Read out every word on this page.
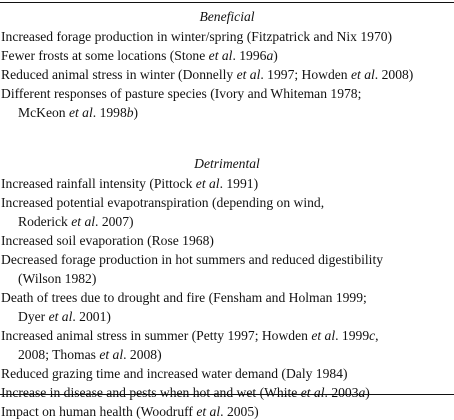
Beneficial
Increased forage production in winter/spring (Fitzpatrick and Nix 1970)
Fewer frosts at some locations (Stone et al. 1996a)
Reduced animal stress in winter (Donnelly et al. 1997; Howden et al. 2008)
Different responses of pasture species (Ivory and Whiteman 1978;
McKeon et al. 1998b)
Detrimental
Increased rainfall intensity (Pittock et al. 1991)
Increased potential evapotranspiration (depending on wind,
Roderick et al. 2007)
Increased soil evaporation (Rose 1968)
Decreased forage production in hot summers and reduced digestibility
(Wilson 1982)
Death of trees due to drought and fire (Fensham and Holman 1999;
Dyer et al. 2001)
Increased animal stress in summer (Petty 1997; Howden et al. 1999c,
2008; Thomas et al. 2008)
Reduced grazing time and increased water demand (Daly 1984)
Increase in disease and pests when hot and wet (White et al. 2003a)
Impact on human health (Woodruff et al. 2005)
